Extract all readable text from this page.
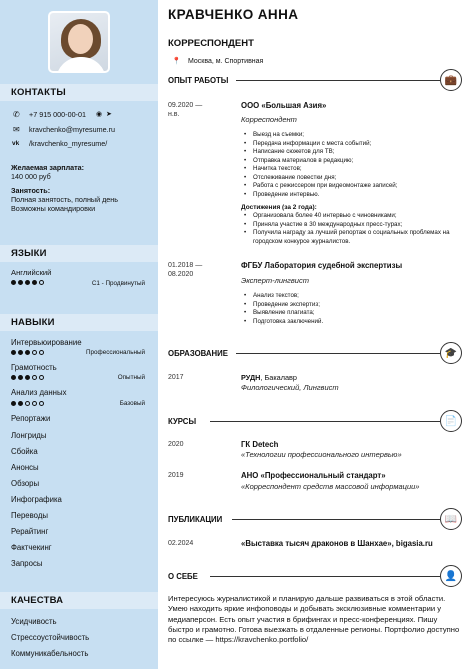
КОНТАКТЫ
✆ +7 915 000-00-01 ◉ ➤
✉ kravchenko@myresume.ru
vk /kravchenko_myresume/
Желаемая зарплата:
140 000 руб
Занятость:
Полная занятость, полный день
Возможны командировки
ЯЗЫКИ
Английский
C1 - Продвинутый
НАВЫКИ
Интервьюирование
Профессиональный
Грамотность
Опытный
Анализ данных
Базовый
Репортажи
Лонгриды
Сбойка
Анонсы
Обзоры
Инфографика
Переводы
Рерайтинг
Фактчекинг
Запросы
КАЧЕСТВА
Усидчивость
Стрессоустойчивость
Коммуникабельность
КРАВЧЕНКО АННА
КОРРЕСПОНДЕНТ
📍 Москва, м. Спортивная
ОПЫТ РАБОТЫ	💼
09.2020 —
н.в.
ООО «Большая Азия»
Корреспондент
• Выезд на съемки;
• Передача информации с места событий;
• Написание сюжетов для ТВ;
• Отправка материалов в редакцию;
• Начитка текстов;
• Отслеживание повестки дня;
• Работа с режиссером при видеомонтаже записей;
• Проведение интервью.
Достижения (за 2 года):
• Организовала более 40 интервью с чиновниками;
• Приняла участие в 30 международных пресс-турах;
• Получила награду за лучший репортаж о социальных проблемах на городском конкурсе журналистов.
01.2018 —
08.2020
ФГБУ Лаборатория судебной экспертизы
Эксперт-лингвист
• Анализ текстов;
• Проведение экспертиз;
• Выявление плагиата;
• Подготовка заключений.
ОБРАЗОВАНИЕ	🎓
2017	РУДН, Бакалавр
Филологический, Лингвист
КУРСЫ	📄
2020	ГК Detech
«Технологии профессионального интервью»
2019	АНО «Профессиональный стандарт»
«Корреспондент средств массовой информации»
ПУБЛИКАЦИИ	📖
02.2024	«Выставка тысяч драконов в Шанхае», bigasia.ru
О СЕБЕ	👤
Интересуюсь журналистикой и планирую дальше развиваться в этой области. Умею находить яркие инфоповоды и добывать эксклюзивные комментарии у медиаперсон. Есть опыт участия в брифингах и пресс-конференциях. Пишу быстро и грамотно. Готова выезжать в отдаленные регионы. Портфолио доступно по ссылке — https://kravchenko.portfolio/
